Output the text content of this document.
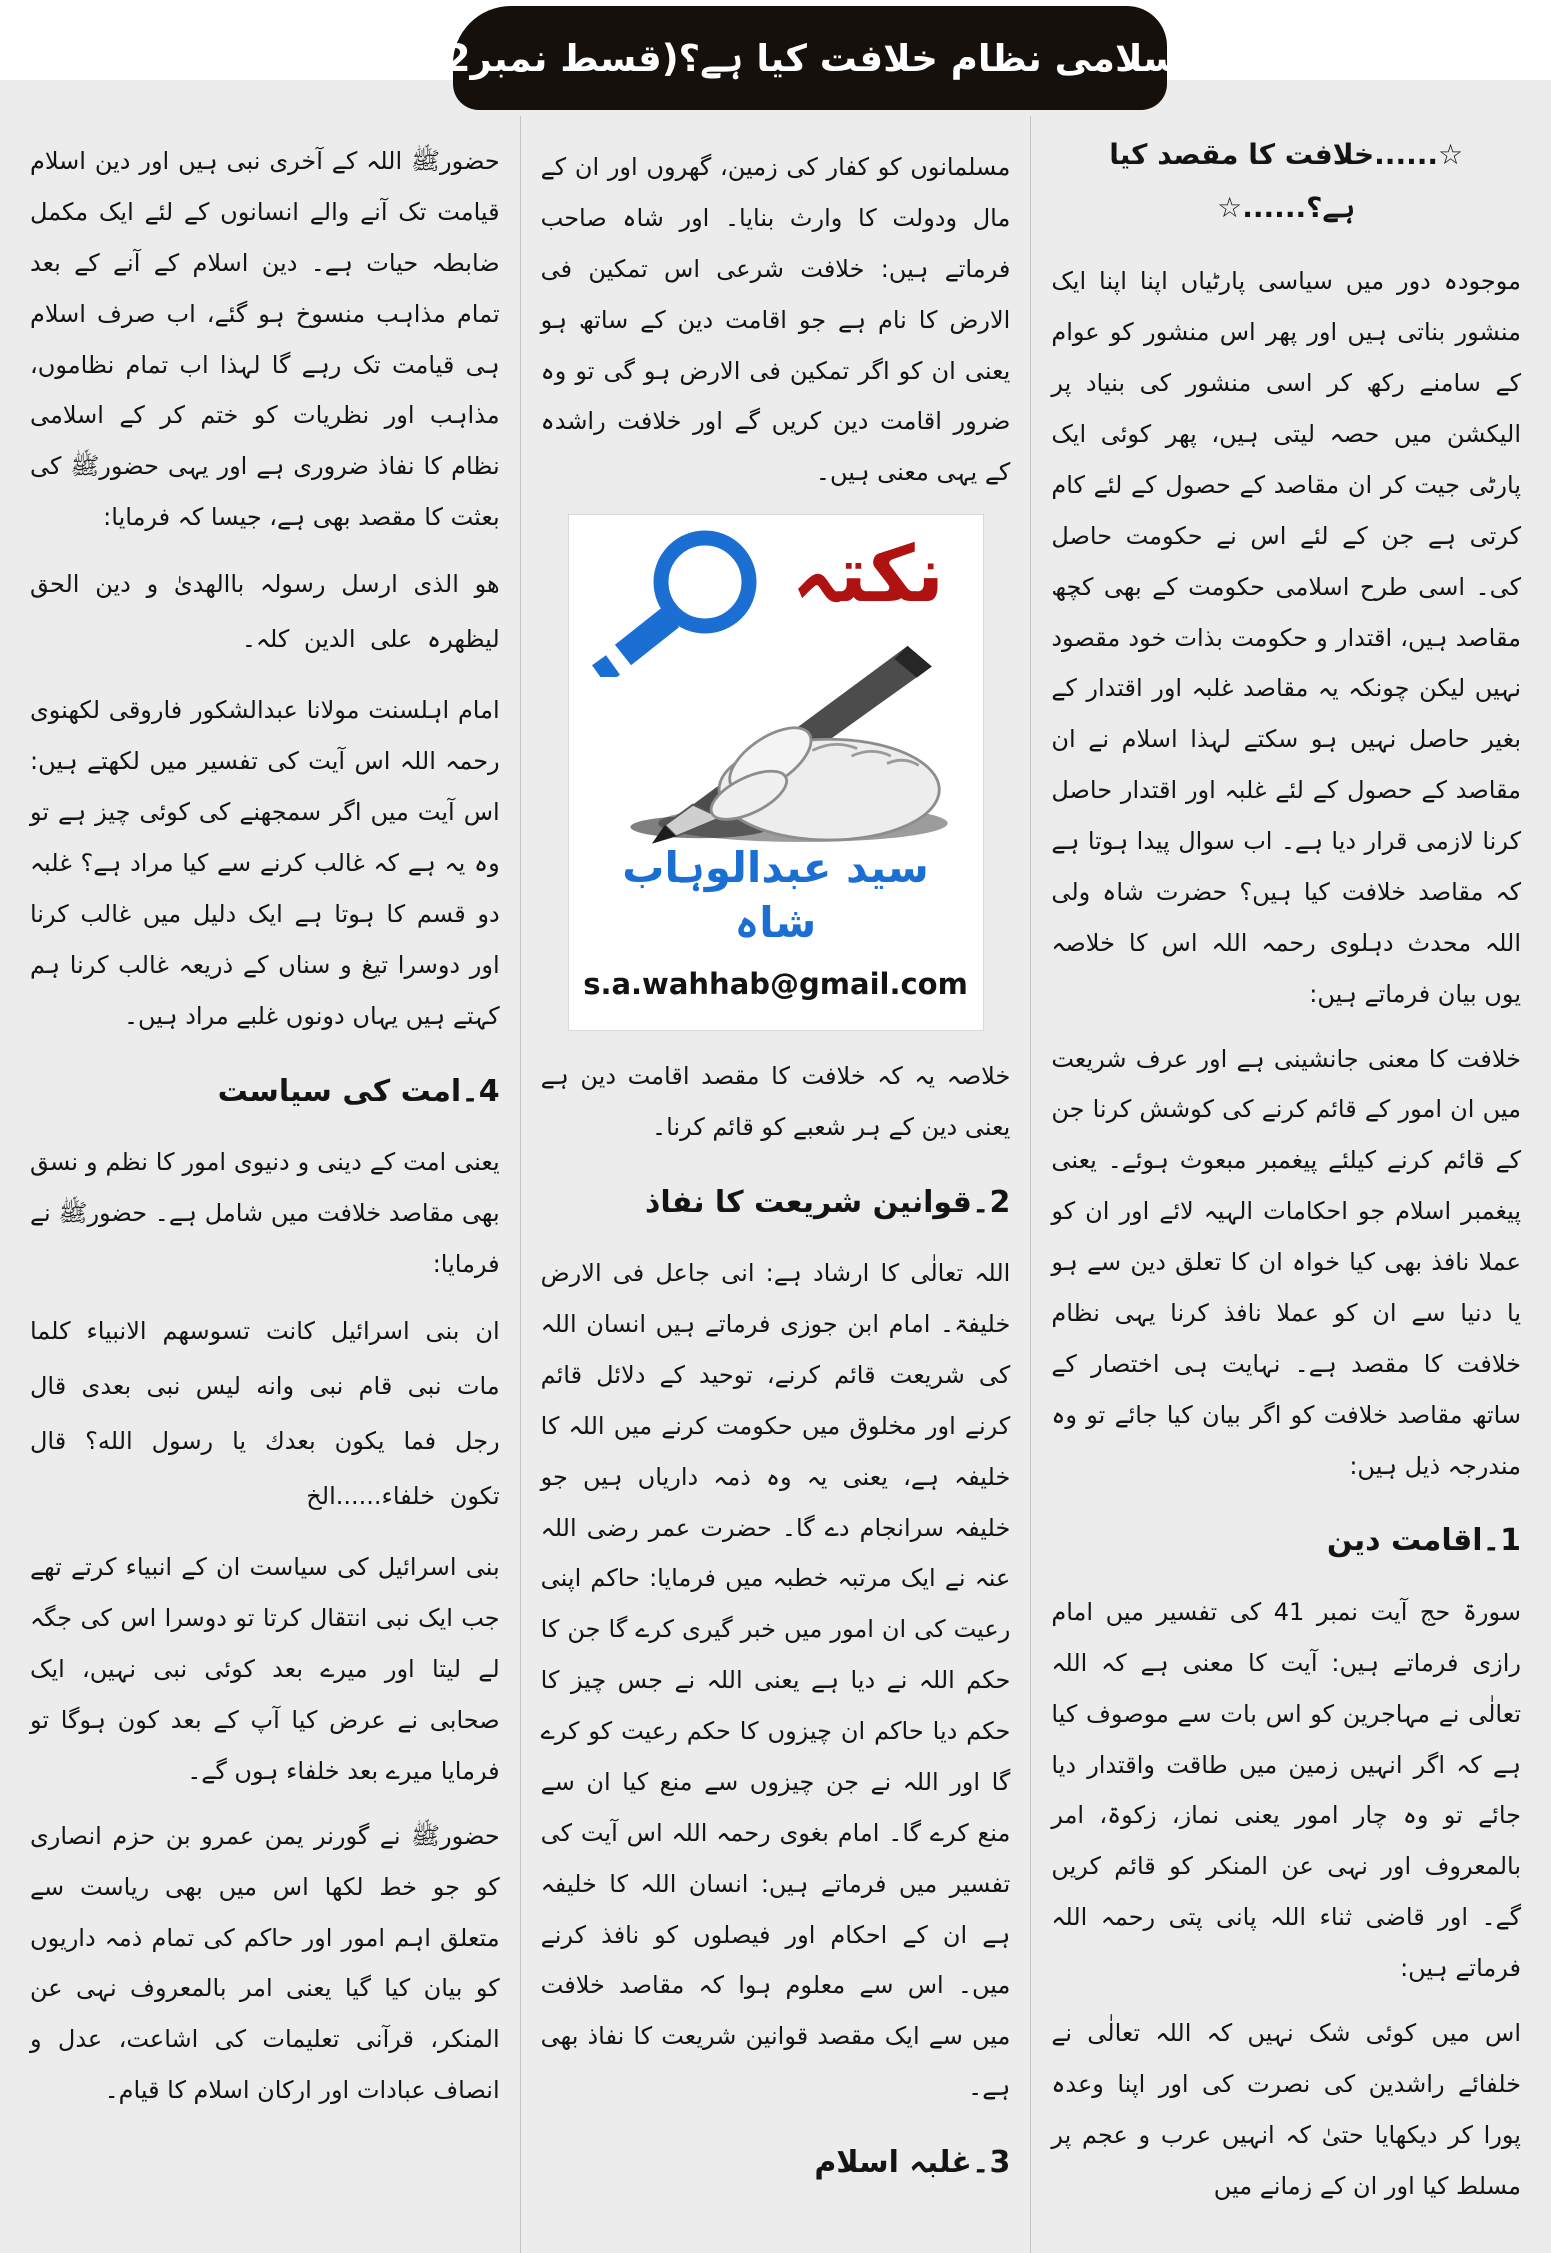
اسلامی نظام خلافت کیا ہے؟(قسط نمبر2)
☆......خلافت کا مقصد کیا ہے؟......☆

موجودہ دور میں سیاسی پارٹیاں اپنا اپنا ایک منشور بناتی ہیں اور پھر اس منشور کو عوام کے سامنے رکھ کر اسی منشور کی بنیاد پر الیکشن میں حصہ لیتی ہیں، پھر کوئی ایک پارٹی جیت کر ان مقاصد کے حصول کے لئے کام کرتی ہے جن کے لئے اس نے حکومت حاصل کی۔ اسی طرح اسلامی حکومت کے بھی کچھ مقاصد ہیں، اقتدار و حکومت بذات خود مقصود نہیں لیکن چونکہ یہ مقاصد غلبہ اور اقتدار کے بغیر حاصل نہیں ہو سکتے لہذا اسلام نے ان مقاصد کے حصول کے لئے غلبہ اور اقتدار حاصل کرنا لازمی قرار دیا ہے۔ اب سوال پیدا ہوتا ہے کہ مقاصد خلافت کیا ہیں؟ حضرت شاہ ولی اللہ محدث دہلوی رحمہ اللہ اس کا خلاصہ یوں بیان فرماتے ہیں:

خلافت کا معنی جانشینی ہے اور عرف شریعت میں ان امور کے قائم کرنے کی کوشش کرنا جن کے قائم کرنے کیلئے پیغمبر مبعوث ہوئے۔ یعنی پیغمبر اسلام جو احکامات الہیہ لائے اور ان کو عملا نافذ بھی کیا خواہ ان کا تعلق دین سے ہو یا دنیا سے ان کو عملا نافذ کرنا یہی نظام خلافت کا مقصد ہے۔ نہایت ہی اختصار کے ساتھ مقاصد خلافت کو اگر بیان کیا جائے تو وہ مندرجہ ذیل ہیں:

1۔اقامت دین

سورۃ حج آیت نمبر 41 کی تفسیر میں امام رازی فرماتے ہیں: آیت کا معنی ہے کہ اللہ تعالٰی نے مہاجرین کو اس بات سے موصوف کیا ہے کہ اگر انہیں زمین میں طاقت واقتدار دیا جائے تو وہ چار امور یعنی نماز، زکوۃ، امر بالمعروف اور نہی عن المنکر کو قائم کریں گے۔ اور قاضی ثناء اللہ پانی پتی رحمہ اللہ فرماتے ہیں:

اس میں کوئی شک نہیں کہ اللہ تعالٰی نے خلفائے راشدین کی نصرت کی اور اپنا وعدہ پورا کر دیکھایا حتیٰ کہ انہیں عرب و عجم پر مسلط کیا اور ان کے زمانے میں

مسلمانوں کو کفار کی زمین، گھروں اور ان کے مال ودولت کا وارث بنایا۔ اور شاہ صاحب فرماتے ہیں: خلافت شرعی اس تمکین فی الارض کا نام ہے جو اقامت دین کے ساتھ ہو یعنی ان کو اگر تمکین فی الارض ہو گی تو وہ ضرور اقامت دین کریں گے اور خلافت راشدہ کے یہی معنی ہیں۔

نکتہ
سید عبدالوہاب شاہ
s.a.wahhab@gmail.com

خلاصہ یہ کہ خلافت کا مقصد اقامت دین ہے یعنی دین کے ہر شعبے کو قائم کرنا۔

2۔قوانین شریعت کا نفاذ

اللہ تعالٰی کا ارشاد ہے: انی جاعل فی الارض خلیفۃ۔ امام ابن جوزی فرماتے ہیں انسان اللہ کی شریعت قائم کرنے، توحید کے دلائل قائم کرنے اور مخلوق میں حکومت کرنے میں اللہ کا خلیفہ ہے، یعنی یہ وہ ذمہ داریاں ہیں جو خلیفہ سرانجام دے گا۔ حضرت عمر رضی اللہ عنہ نے ایک مرتبہ خطبہ میں فرمایا: حاکم اپنی رعیت کی ان امور میں خبر گیری کرے گا جن کا حکم اللہ نے دیا ہے یعنی اللہ نے جس چیز کا حکم دیا حاکم ان چیزوں کا حکم رعیت کو کرے گا اور اللہ نے جن چیزوں سے منع کیا ان سے منع کرے گا۔ امام بغوی رحمہ اللہ اس آیت کی تفسیر میں فرماتے ہیں: انسان اللہ کا خلیفہ ہے ان کے احکام اور فیصلوں کو نافذ کرنے میں۔ اس سے معلوم ہوا کہ مقاصد خلافت میں سے ایک مقصد قوانین شریعت کا نفاذ بھی ہے۔

3۔غلبہ اسلام

حضورﷺ اللہ کے آخری نبی ہیں اور دین اسلام قیامت تک آنے والے انسانوں کے لئے ایک مکمل ضابطہ حیات ہے۔ دین اسلام کے آنے کے بعد تمام مذاہب منسوخ ہو گئے، اب صرف اسلام ہی قیامت تک رہے گا لہذا اب تمام نظاموں، مذاہب اور نظریات کو ختم کر کے اسلامی نظام کا نفاذ ضروری ہے اور یہی حضورﷺ کی بعثت کا مقصد بھی ہے، جیسا کہ فرمایا:

ھو الذی ارسل رسولہ باالھدیٰ و دین الحق لیظھرہ علی الدین کلہ۔

امام اہلسنت مولانا عبدالشکور فاروقی لکھنوی رحمہ اللہ اس آیت کی تفسیر میں لکھتے ہیں: اس آیت میں اگر سمجھنے کی کوئی چیز ہے تو وہ یہ ہے کہ غالب کرنے سے کیا مراد ہے؟ غلبہ دو قسم کا ہوتا ہے ایک دلیل میں غالب کرنا اور دوسرا تیغ و سناں کے ذریعہ غالب کرنا ہم کہتے ہیں یہاں دونوں غلبے مراد ہیں۔

4۔امت کی سیاست

یعنی امت کے دینی و دنیوی امور کا نظم و نسق بھی مقاصد خلافت میں شامل ہے۔ حضورﷺ نے فرمایا:

ان بنی اسرائیل کانت تسوسھم الانبیاء کلما مات نبی قام نبی وانه لیس نبی بعدی قال رجل فما یکون بعدك یا رسول الله؟ قال تکون خلفاء......الخ

بنی اسرائیل کی سیاست ان کے انبیاء کرتے تھے جب ایک نبی انتقال کرتا تو دوسرا اس کی جگہ لے لیتا اور میرے بعد کوئی نبی نہیں، ایک صحابی نے عرض کیا آپ کے بعد کون ہوگا تو فرمایا میرے بعد خلفاء ہوں گے۔

حضورﷺ نے گورنر یمن عمرو بن حزم انصاری کو جو خط لکھا اس میں بھی ریاست سے متعلق اہم امور اور حاکم کی تمام ذمہ داریوں کو بیان کیا گیا یعنی امر بالمعروف نہی عن المنکر، قرآنی تعلیمات کی اشاعت، عدل و انصاف عبادات اور ارکان اسلام کا قیام۔
